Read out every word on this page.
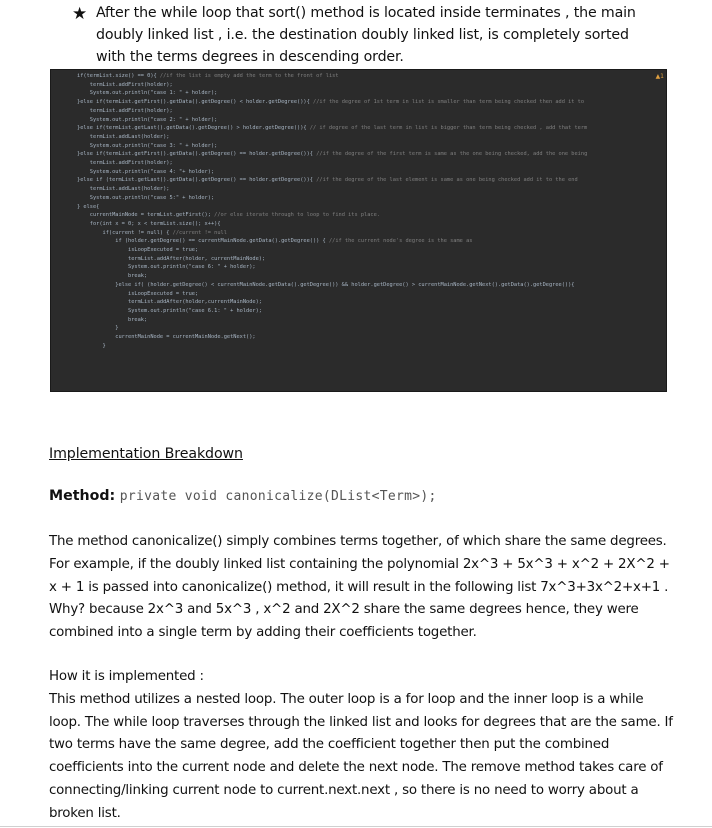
★ After the while loop that sort() method is located inside terminates , the main doubly linked list , i.e. the destination doubly linked list, is completely sorted with the terms degrees in descending order.
▲1
if(termList.size() == 0){ //if the list is empty add the term to the front of list
termList.addFirst(holder);
System.out.println("case 1: " + holder);
}else if(termList.getFirst().getData().getDegree() < holder.getDegree()){ //if the degree of 1st term in list is smaller than term being checked then add it to
termList.addFirst(holder);
System.out.println("case 2: " + holder);
}else if(termList.getLast().getData().getDegree() > holder.getDegree()){ // if degree of the last term in list is bigger than term being checked , add that term
termList.addLast(holder);
System.out.println("case 3: " + holder);
}else if(termList.getFirst().getData().getDegree() == holder.getDegree()){ //if the degree of the first term is same as the one being checked, add the one being
termList.addFirst(holder);
System.out.println("case 4: "+ holder);
}else if (termList.getLast().getData().getDegree() == holder.getDegree()){ //if the degree of the last element is same as one being checked add it to the end
termList.addLast(holder);
System.out.println("case 5:" + holder);
} else{
currentMainNode = termList.getFirst(); //or else iterate through to loop to find its place.
for(int x = 0; x < termList.size(); x++){
if(current != null) { //current != null
if (holder.getDegree() == currentMainNode.getData().getDegree()) { //if the current node's degree is the same as
isLoopExecuted = true;
termList.addAfter(holder, currentMainNode);
System.out.println("case 6: " + holder);
break;
}else if( (holder.getDegree() < currentMainNode.getData().getDegree()) && holder.getDegree() > currentMainNode.getNext().getData().getDegree()){
isLoopExecuted = true;
termList.addAfter(holder,currentMainNode);
System.out.println("case 6.1: " + holder);
break;
}
currentMainNode = currentMainNode.getNext();
}
Implementation Breakdown
Method: private void canonicalize(DList<Term>);
The method canonicalize() simply combines terms together, of which share the same degrees. For example, if the doubly linked list containing the polynomial 2x^3 + 5x^3 + x^2 + 2X^2 + x + 1 is passed into canonicalize() method, it will result in the following list 7x^3+3x^2+x+1 . Why? because 2x^3 and 5x^3 , x^2 and 2X^2 share the same degrees hence, they were combined into a single term by adding their coefficients together.
How it is implemented :
This method utilizes a nested loop. The outer loop is a for loop and the inner loop is a while loop. The while loop traverses through the linked list and looks for degrees that are the same. If two terms have the same degree, add the coefficient together then put the combined coefficients into the current node and delete the next node. The remove method takes care of connecting/linking current node to current.next.next , so there is no need to worry about a broken list.
